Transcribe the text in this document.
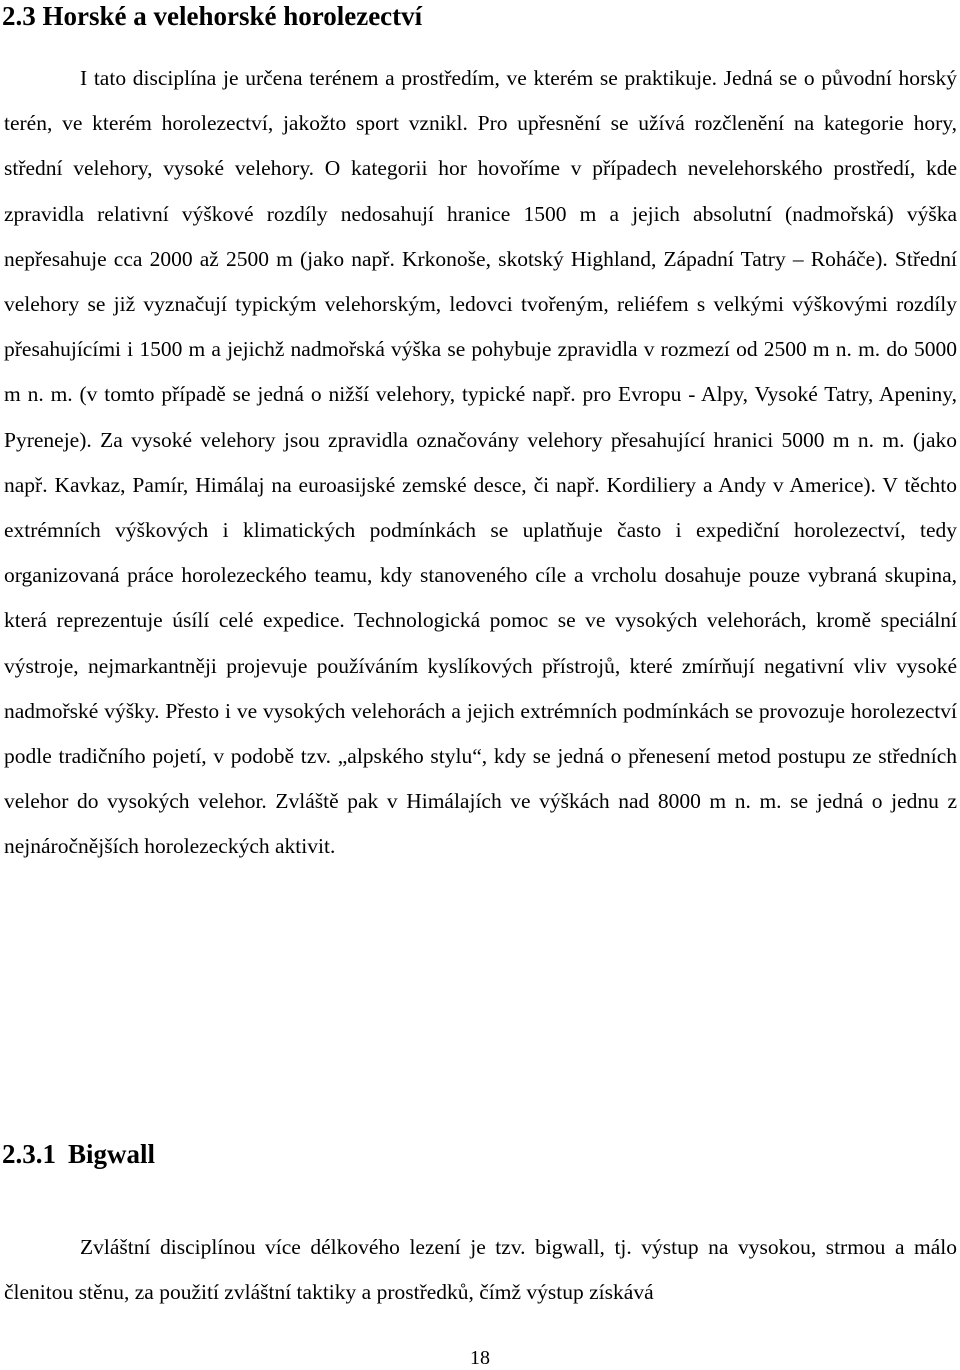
2.3 Horské a velehorské horolezectví

I tato disciplína je určena terénem a prostředím, ve kterém se praktikuje. Jedná se o původní horský terén, ve kterém horolezectví, jakožto sport vznikl. Pro upřesnění se užívá rozčlenění na kategorie hory, střední velehory, vysoké velehory. O kategorii hor hovoříme v případech nevelehorského prostředí, kde zpravidla relativní výškové rozdíly nedosahují hranice 1500 m a jejich absolutní (nadmořská) výška nepřesahuje cca 2000 až 2500 m (jako např. Krkonoše, skotský Highland, Západní Tatry – Roháče). Střední velehory se již vyznačují typickým velehorským, ledovci tvořeným, reliéfem s velkými výškovými rozdíly přesahujícími i 1500 m a jejichž nadmořská výška se pohybuje zpravidla v rozmezí od 2500 m n. m. do 5000 m n. m. (v tomto případě se jedná o nižší velehory, typické např. pro Evropu - Alpy, Vysoké Tatry, Apeniny, Pyreneje). Za vysoké velehory jsou zpravidla označovány velehory přesahující hranici 5000 m n. m. (jako např. Kavkaz, Pamír, Himálaj na euroasijské zemské desce, či např. Kordiliery a Andy v Americe). V těchto extrémních výškových i klimatických podmínkách se uplatňuje často i expediční horolezectví, tedy organizovaná práce horolezeckého teamu, kdy stanoveného cíle a vrcholu dosahuje pouze vybraná skupina, která reprezentuje úsílí celé expedice. Technologická pomoc se ve vysokých velehorách, kromě speciální výstroje, nejmarkantněji projevuje používáním kyslíkových přístrojů, které zmírňují negativní vliv vysoké nadmořské výšky. Přesto i ve vysokých velehorách a jejich extrémních podmínkách se provozuje horolezectví podle tradičního pojetí, v podobě tzv. „alpského stylu“, kdy se jedná o přenesení metod postupu ze středních velehor do vysokých velehor. Zvláště pak v Himálajích ve výškách nad 8000 m n. m. se jedná o jednu z nejnáročnějších horolezeckých aktivit.

2.3.1 Bigwall

Zvláštní disciplínou více délkového lezení je tzv. bigwall, tj. výstup na vysokou, strmou a málo členitou stěnu, za použití zvláštní taktiky a prostředků, čímž výstup získává

18
